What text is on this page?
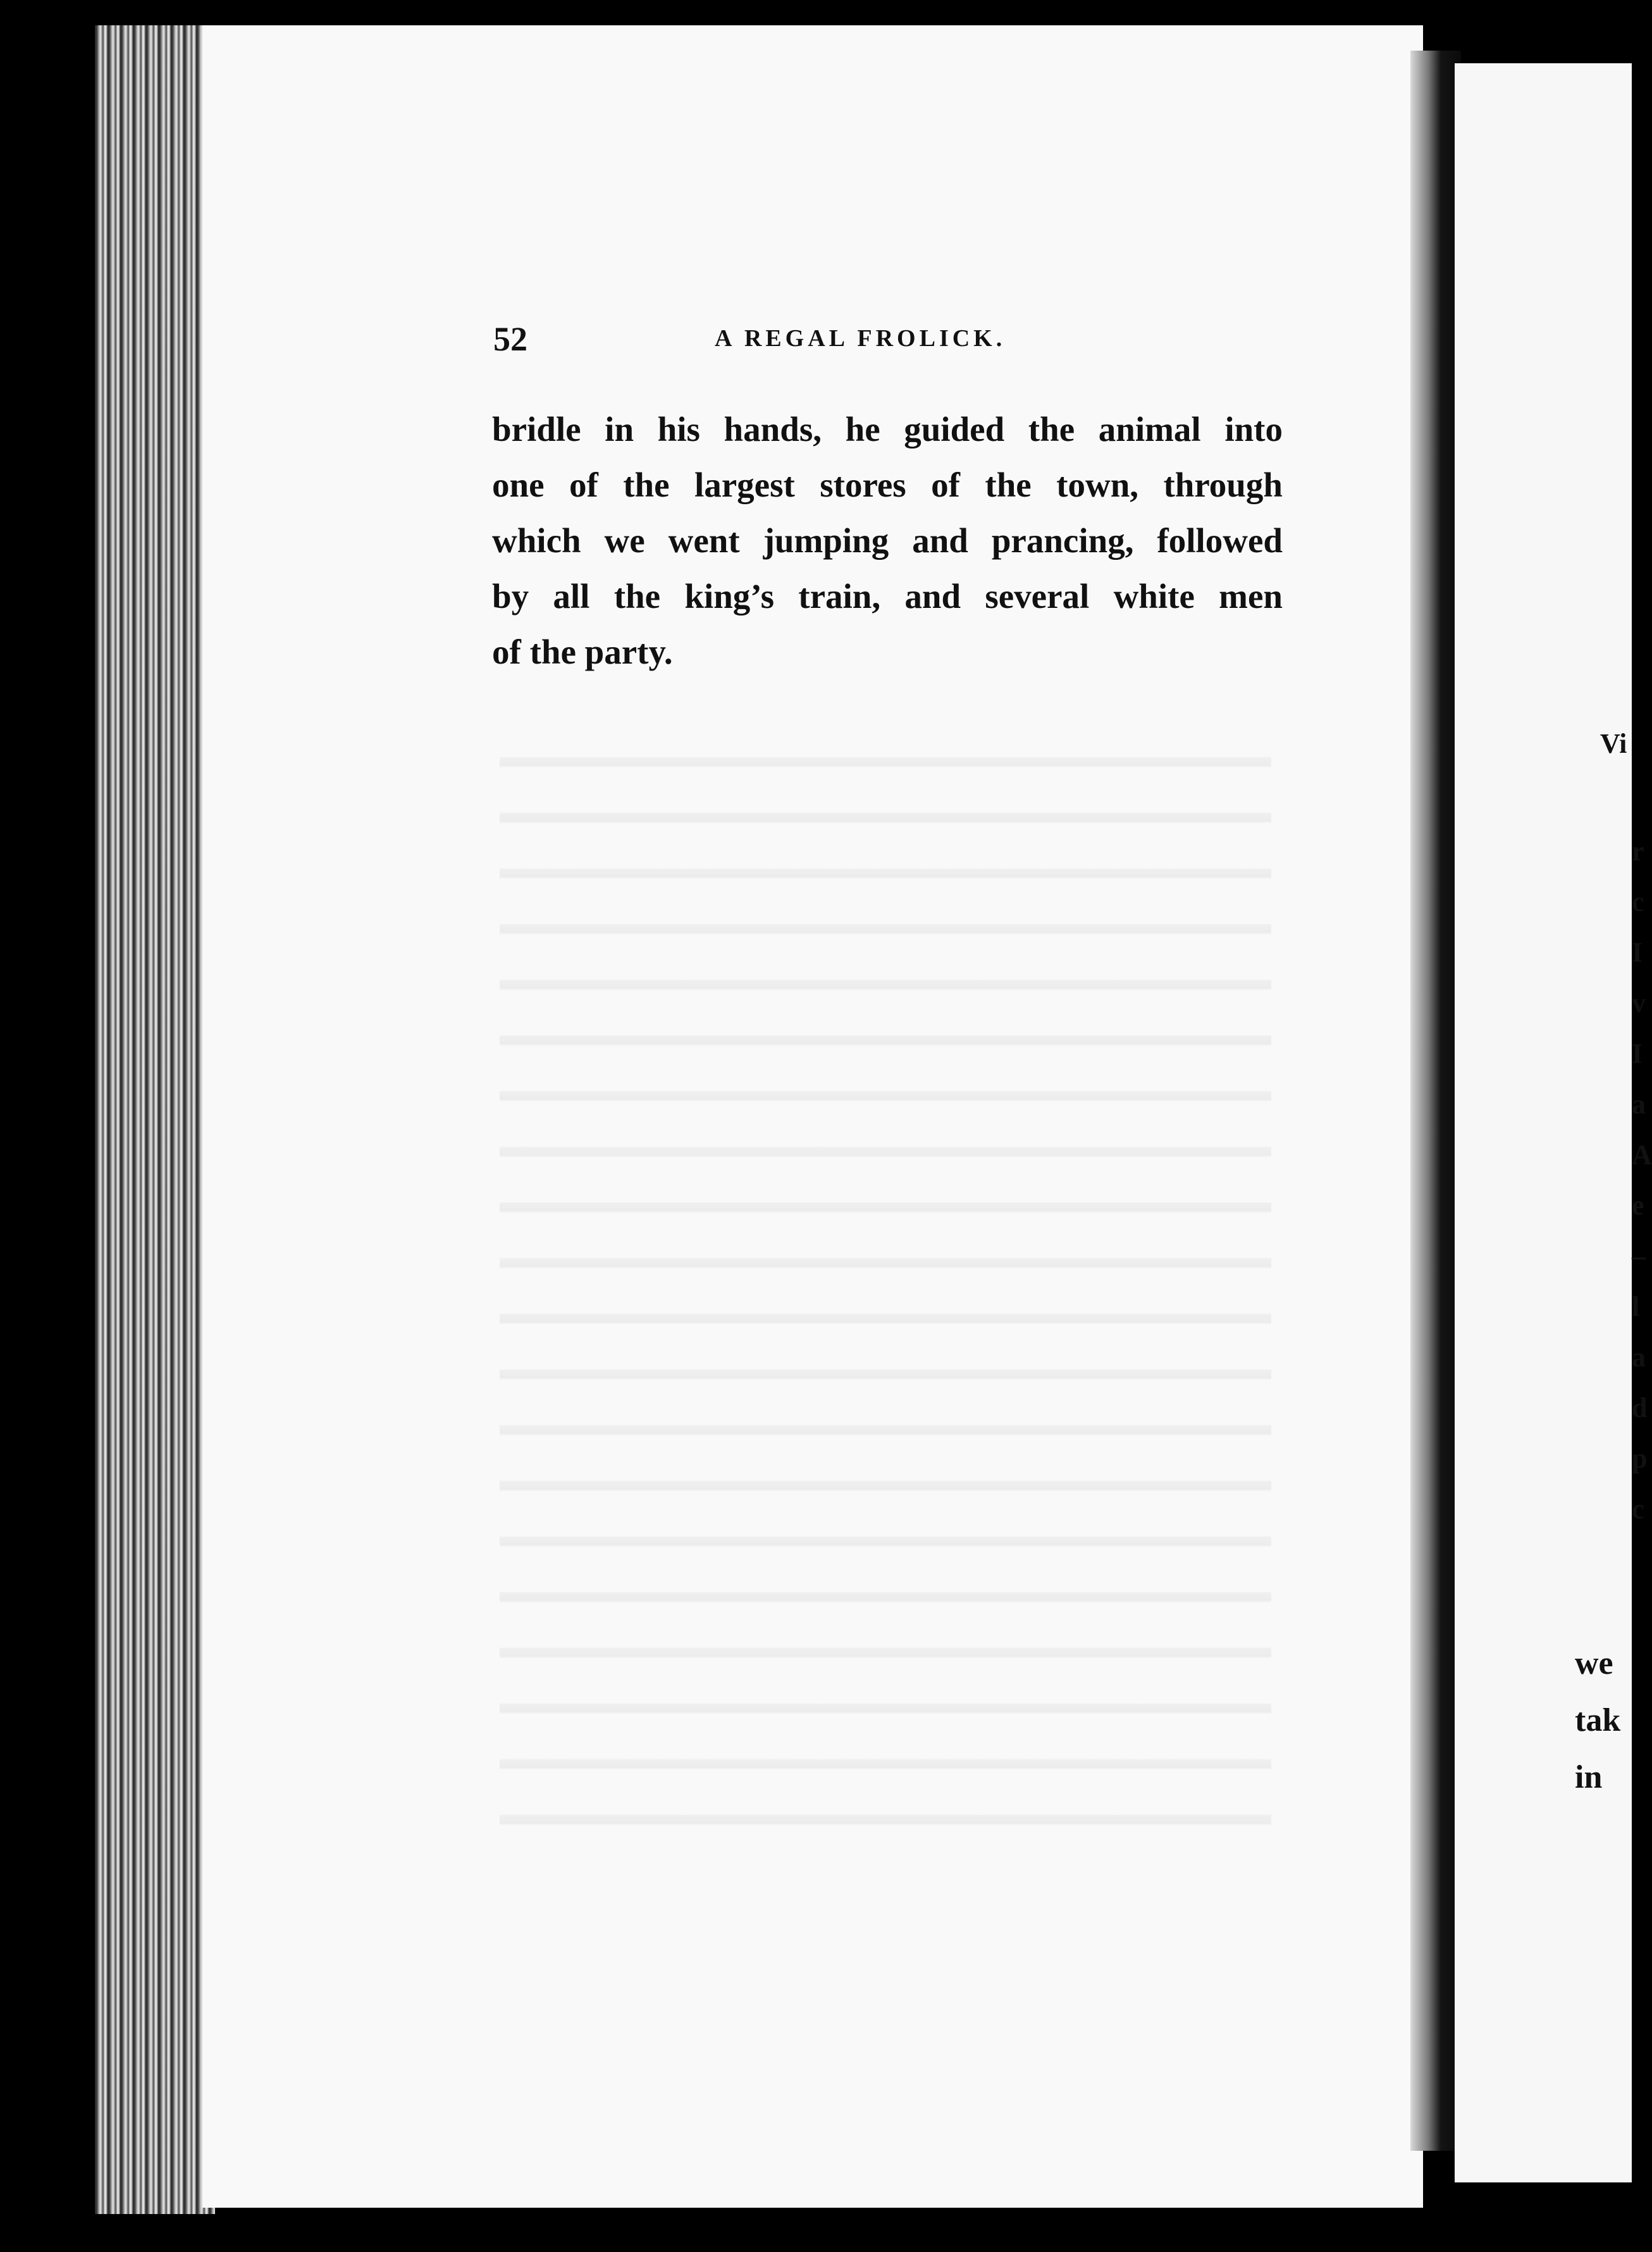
52	A REGAL FROLICK.
bridle in his hands, he guided the animal into
one of the largest stores of the town, through
which we went jumping and prancing, followed
by all the king’s train, and several white men
of the party.
Vi
r
c
I
v
I
a
A
e
–
l
a
d
p
c
we
tak
in
